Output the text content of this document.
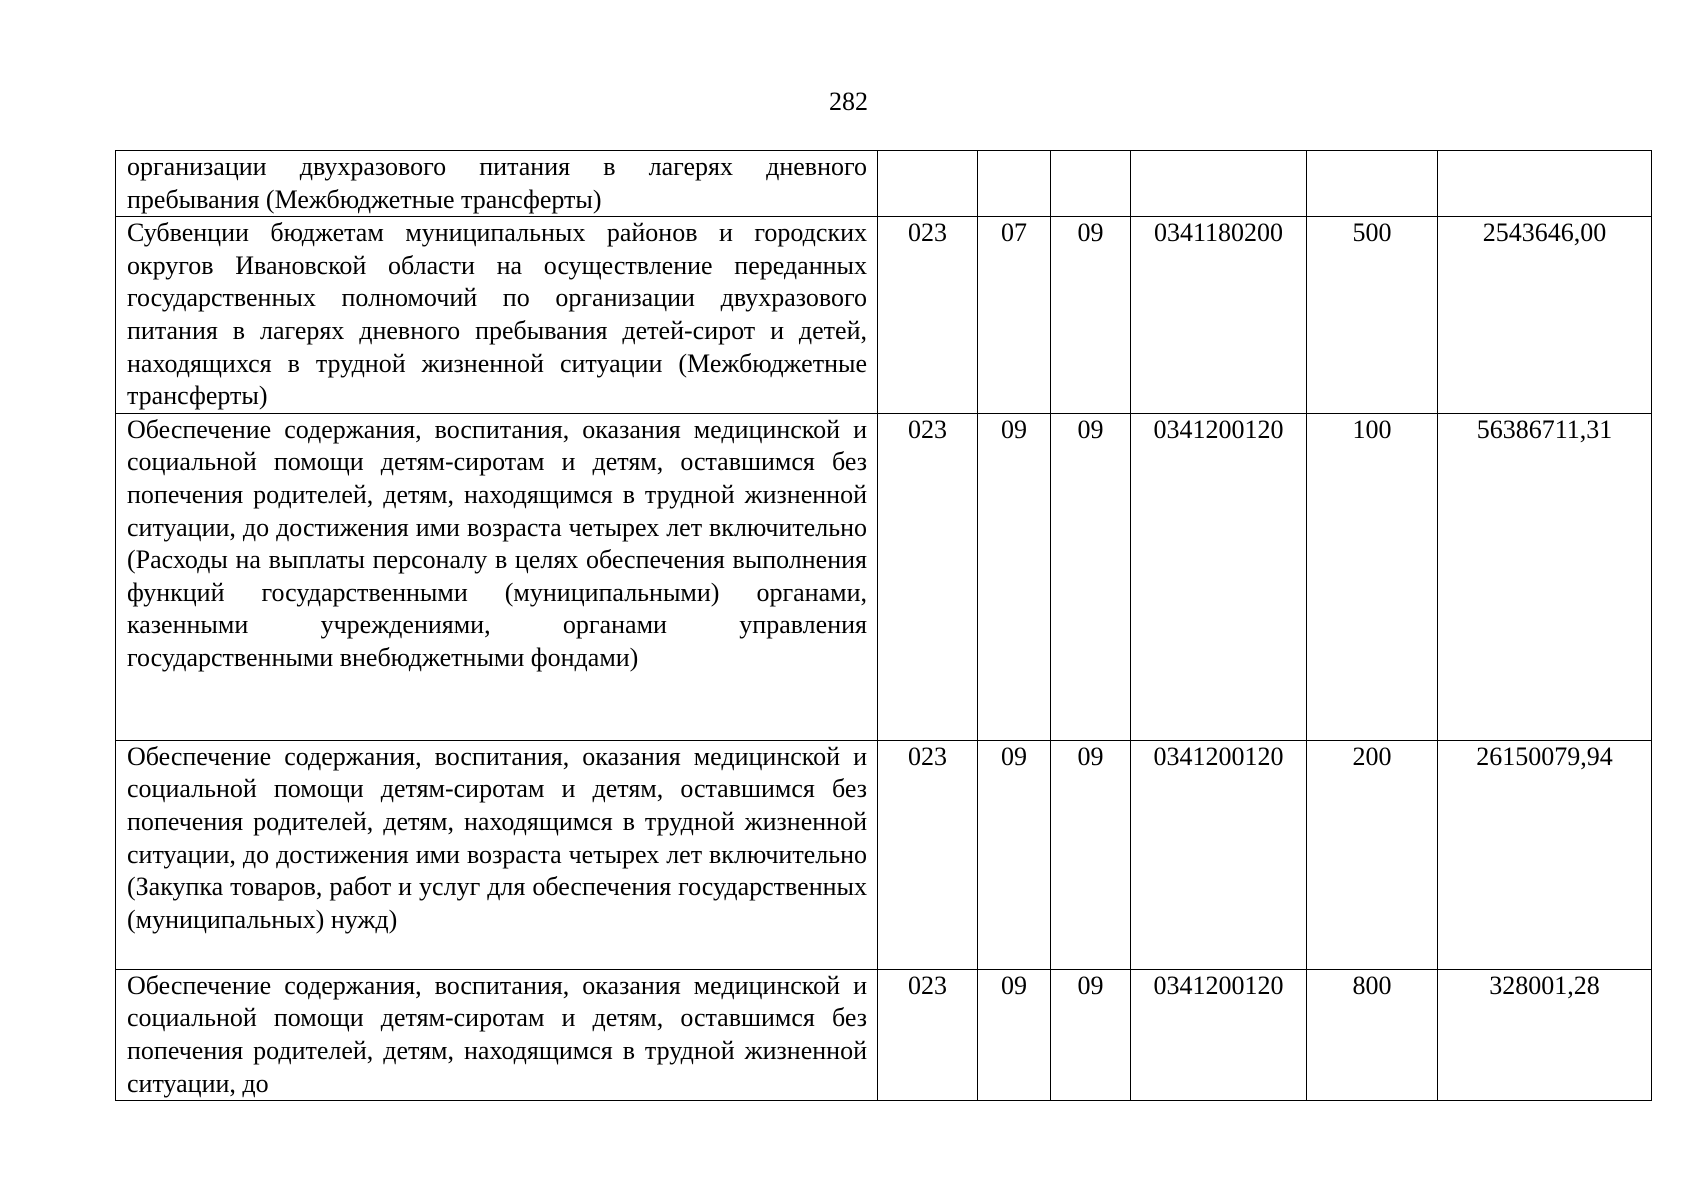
282
организации двухразового питания в лагерях дневного пребывания (Межбюджетные трансферты)						
Субвенции бюджетам муниципальных районов и городских округов Ивановской области на осуществление переданных государственных полномочий по организации двухразового питания в лагерях дневного пребывания детей-сирот и детей, находящихся в трудной жизненной ситуации (Межбюджетные трансферты)	023	07	09	0341180200	500	2543646,00
Обеспечение содержания, воспитания, оказания медицинской и социальной помощи детям-сиротам и детям, оставшимся без попечения родителей, детям, находящимся в трудной жизненной ситуации, до достижения ими возраста четырех лет включительно (Расходы на выплаты персоналу в целях обеспечения выполнения функций государственными (муниципальными) органами, казенными учреждениями, органами управления государственными внебюджетными фондами)	023	09	09	0341200120	100	56386711,31
Обеспечение содержания, воспитания, оказания медицинской и социальной помощи детям-сиротам и детям, оставшимся без попечения родителей, детям, находящимся в трудной жизненной ситуации, до достижения ими возраста четырех лет включительно (Закупка товаров, работ и услуг для обеспечения государственных (муниципальных) нужд)	023	09	09	0341200120	200	26150079,94
Обеспечение содержания, воспитания, оказания медицинской и социальной помощи детям-сиротам и детям, оставшимся без попечения родителей, детям, находящимся в трудной жизненной ситуации, до	023	09	09	0341200120	800	328001,28
